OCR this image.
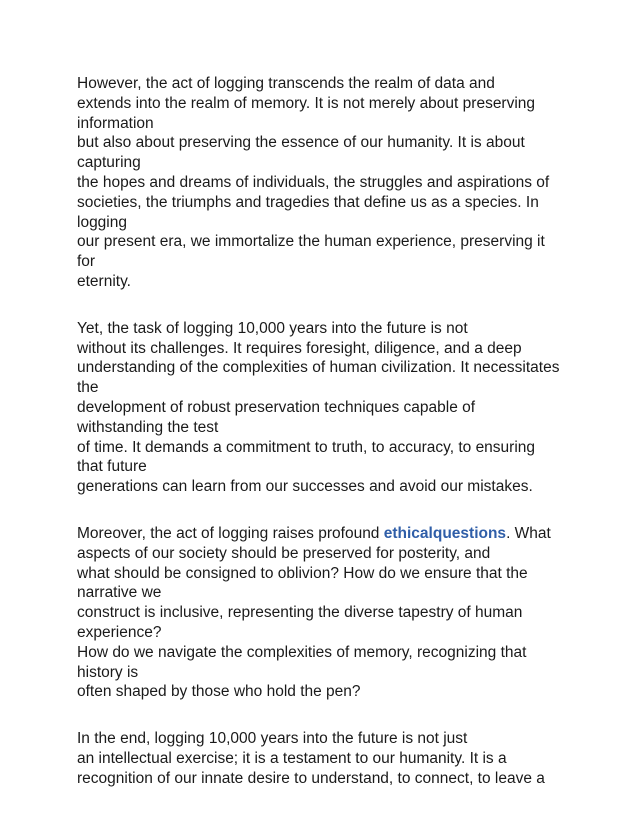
However, the act of logging transcends the realm of data and
extends into the realm of memory. It is not merely about preserving
information
but also about preserving the essence of our humanity. It is about
capturing
the hopes and dreams of individuals, the struggles and aspirations of
societies, the triumphs and tragedies that define us as a species. In
logging
our present era, we immortalize the human experience, preserving it
for
eternity.

Yet, the task of logging 10,000 years into the future is not
without its challenges. It requires foresight, diligence, and a deep
understanding of the complexities of human civilization. It necessitates
the
development of robust preservation techniques capable of
withstanding the test
of time. It demands a commitment to truth, to accuracy, to ensuring
that future
generations can learn from our successes and avoid our mistakes.

Moreover, the act of logging raises profound ethicalquestions. What
aspects of our society should be preserved for posterity, and
what should be consigned to oblivion? How do we ensure that the
narrative we
construct is inclusive, representing the diverse tapestry of human
experience?
How do we navigate the complexities of memory, recognizing that
history is
often shaped by those who hold the pen?

In the end, logging 10,000 years into the future is not just
an intellectual exercise; it is a testament to our humanity. It is a
recognition of our innate desire to understand, to connect, to leave a
